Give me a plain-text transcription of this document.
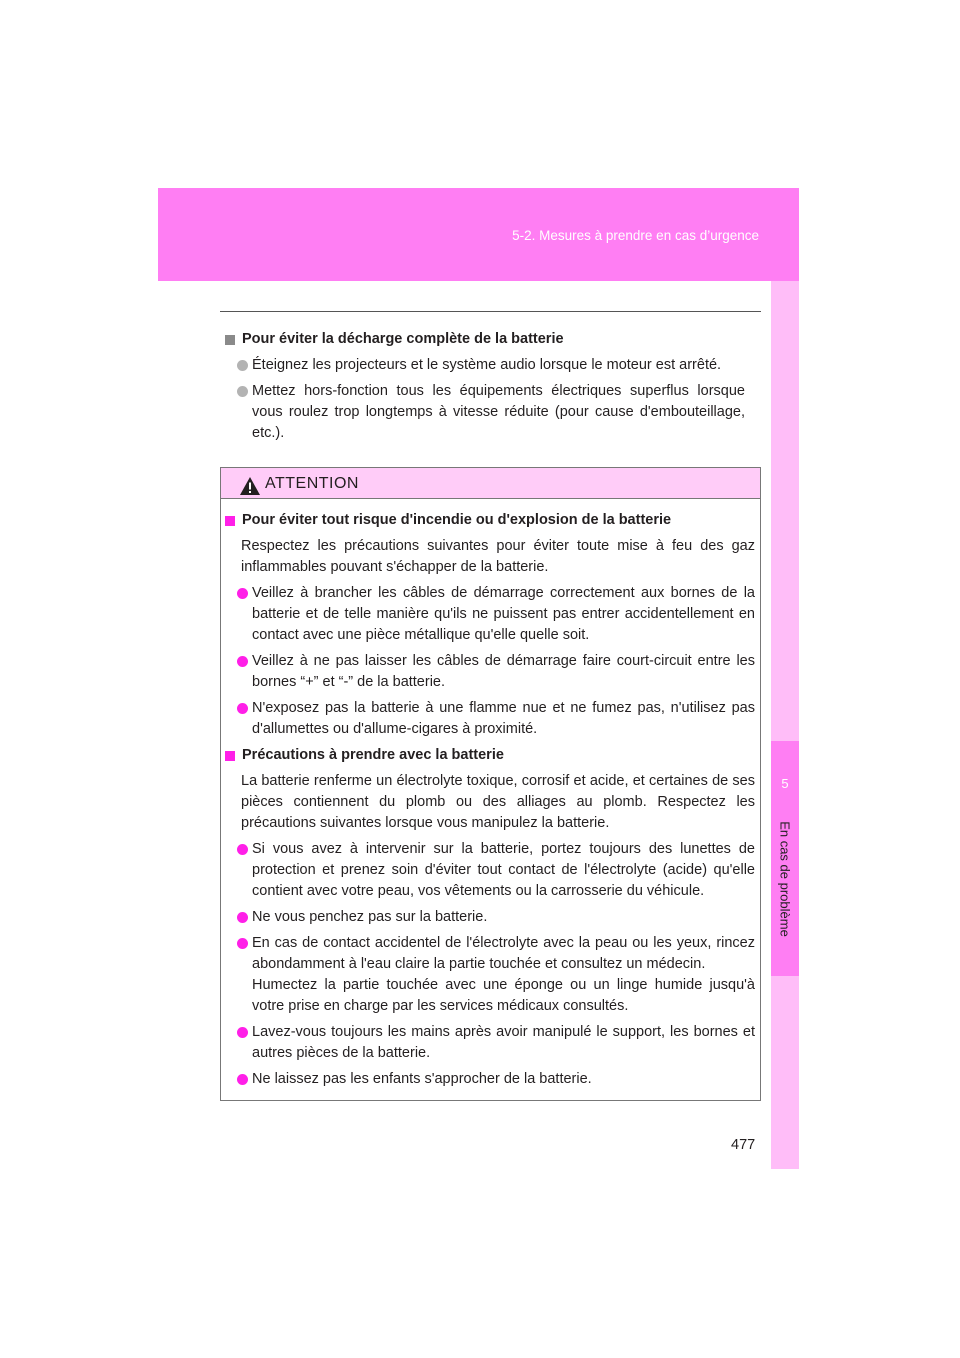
5-2. Mesures à prendre en cas d’urgence
5
En cas de problème
Pour éviter la décharge complète de la batterie
Éteignez les projecteurs et le système audio lorsque le moteur est arrêté.
Mettez hors-fonction tous les équipements électriques superflus lorsque vous roulez trop longtemps à vitesse réduite (pour cause d'embouteillage, etc.).
ATTENTION
Pour éviter tout risque d'incendie ou d'explosion de la batterie
Respectez les précautions suivantes pour éviter toute mise à feu des gaz inflammables pouvant s'échapper de la batterie.
Veillez à brancher les câbles de démarrage correctement aux bornes de la batterie et de telle manière qu'ils ne puissent pas entrer accidentellement en contact avec une pièce métallique qu'elle quelle soit.
Veillez à ne pas laisser les câbles de démarrage faire court-circuit entre les bornes “+” et “-” de la batterie.
N'exposez pas la batterie à une flamme nue et ne fumez pas, n'utilisez pas d'allumettes ou d'allume-cigares à proximité.
Précautions à prendre avec la batterie
La batterie renferme un électrolyte toxique, corrosif et acide, et certaines de ses pièces contiennent du plomb ou des alliages au plomb. Respectez les précautions suivantes lorsque vous manipulez la batterie.
Si vous avez à intervenir sur la batterie, portez toujours des lunettes de protection et prenez soin d'éviter tout contact de l'électrolyte (acide) qu'elle contient avec votre peau, vos vêtements ou la carrosserie du véhicule.
Ne vous penchez pas sur la batterie.
En cas de contact accidentel de l'électrolyte avec la peau ou les yeux, rincez abondamment à l'eau claire la partie touchée et consultez un médecin.
Humectez la partie touchée avec une éponge ou un linge humide jusqu'à votre prise en charge par les services médicaux consultés.
Lavez-vous toujours les mains après avoir manipulé le support, les bornes et autres pièces de la batterie.
Ne laissez pas les enfants s'approcher de la batterie.
477
